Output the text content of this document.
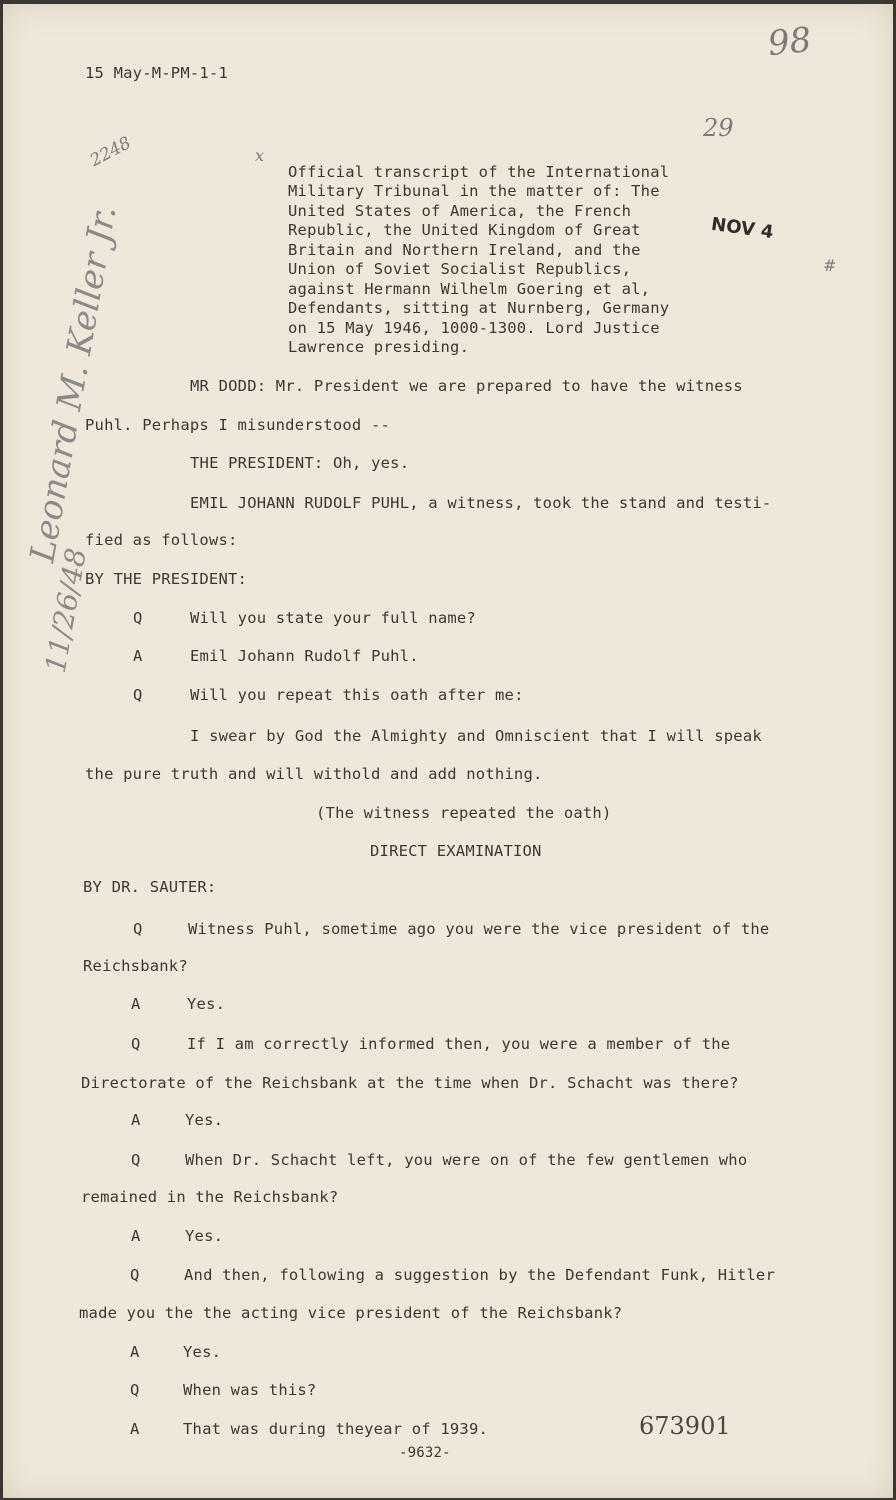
15 May-M-PM-1-1
98
29
2248	x
NOV 4
#
Leonard M. Keller Jr.
11/26/48
Official transcript of the International
Military Tribunal in the matter of: The
United States of America, the French
Republic, the United Kingdom of Great
Britain and Northern Ireland, and the
Union of Soviet Socialist Republics,
against Hermann Wilhelm Goering et al,
Defendants, sitting at Nurnberg, Germany
on 15 May 1946, 1000-1300. Lord Justice
Lawrence presiding.
MR DODD: Mr. President we are prepared to have the witness
Puhl. Perhaps I misunderstood --
THE PRESIDENT: Oh, yes.
EMIL JOHANN RUDOLF PUHL, a witness, took the stand and testi-
fied as follows:
BY THE PRESIDENT:
Q	Will you state your full name?
A	Emil Johann Rudolf Puhl.
Q	Will you repeat this oath after me:
I swear by God the Almighty and Omniscient that I will speak
the pure truth and will withold and add nothing.
(The witness repeated the oath)
DIRECT EXAMINATION
BY DR. SAUTER:
Q	Witness Puhl, sometime ago you were the vice president of the
Reichsbank?
A	Yes.
Q	If I am correctly informed then, you were a member of the
Directorate of the Reichsbank at the time when Dr. Schacht was there?
A	Yes.
Q	When Dr. Schacht left, you were on of the few gentlemen who
remained in the Reichsbank?
A	Yes.
Q	And then, following a suggestion by the Defendant Funk, Hitler
made you the the acting vice president of the Reichsbank?
A	Yes.
Q	When was this?
A	That was during theyear of 1939.	673901
-9632-
